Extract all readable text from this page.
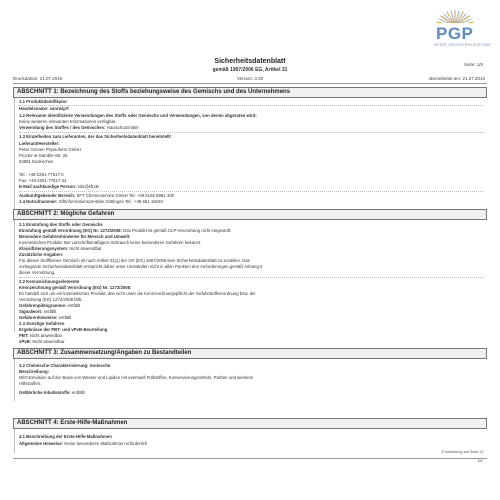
PGP
PETER GREVEN PHYSIOFORM
Seite: 1/6
Sicherheitsdatenblatt
gemäß 1907/2006 EG, Artikel 31
Druckdatum: 21.07.2016	Version: 3.00	überarbeitet am: 21.07.2016
ABSCHNITT 1: Bezeichnung des Stoffs beziehungsweise des Gemischs und des Unternehmens
1.1 Produktidentifikator
Handelsname: sanrwip®
1.2 Relevante identifizierte Verwendungen des Stoffs oder Gemischs und Verwendungen, von denen abgeraten wird:
Keine weiteren relevanten Informationen verfügbar.
Verwendung des Stoffes / des Gemisches: Hautschutzmittel
1.3 Einzelheiten zum Lieferanten, der das Sicherheitsdatenblatt bereitstellt
Lieferant/Hersteller:
Peter Greven Physioform GmbH
Procter-&-Gamble-Str. 26
53881 Euskirchen
Tel.: +49-2251-77617-0
Fax: +49-2251-77617-44
E-Mail sachkundige Person: sds@kft.de
Auskunftgebender Bereich: KFT Chemieservice GmbH Tel. +49 6155 8981 400
1.4 Notrufnummer: Giftinformationszentrale Göttingen Tel.: +49 551 19240
ABSCHNITT 2: Mögliche Gefahren
2.1 Einstufung des Stoffs oder Gemischs
Einstufung gemäß Verordnung (EG) Nr. 1272/2008: Das Produkt ist gemäß CLP-Verordnung nicht eingestuft.
Besondere Gefahrenhinweise für Mensch und Umwelt:
Kosmetisches Produkt. Bei vorschriftsmäßigem Gebrauch keine besonderen Gefahren bekannt.
Klassifizierungssystem: Nicht anwendbar
Zusätzliche Angaben:
Für dieses Stoffl/eines Gemisch ist nach Artikel 31(1) der VO (EG) 1907/2006 kein Sicherheitsdatenblatt zu erstellen. Das
vorliegende Sicherheitsdatenblatt entspricht daher unter Umständen nicht in allen Punkten den Anforderungen gemäß Anhang II
dieser Verordnung.
2.2 Kennzeichnungselemente
Kennzeichnung gemäß Verordnung (EG) Nr. 1272/2008:
Es handelt sich um ein kosmetisches Produkt, das nicht unter die Kennzeichnungspflicht der Gefahrstoffverordnung bzw. der
Verordnung (EG) 1272/2008 fällt.
Gefahrenpiktogramme: entfällt
Signalwort: entfällt
Gefahrenhinweise: entfällt
2.3 Sonstige Gefahren
Ergebnisse der PBT- und vPvB-Beurteilung
PBT: Nicht anwendbar
vPvB: Nicht anwendbar
ABSCHNITT 3: Zusammensetzung/Angaben zu Bestandteilen
3.2 Chemische Charakterisierung: Gemische
Beschreibung:
W/O-Emulsion auf der Basis von Wasser und Lipiden mit eventuell Füllstoffen, Konservierungsmitteln, Parfüm und weiteren
Hilfsstoffen.
Gefährliche Inhaltsstoffe: entfällt
ABSCHNITT 4: Erste-Hilfe-Maßnahmen
4.1 Beschreibung der Erste-Hilfe-Maßnahmen
Allgemeine Hinweise: Keine besonderen Maßnahmen erforderlich
(Fortsetzung auf Seite 2)
DE
